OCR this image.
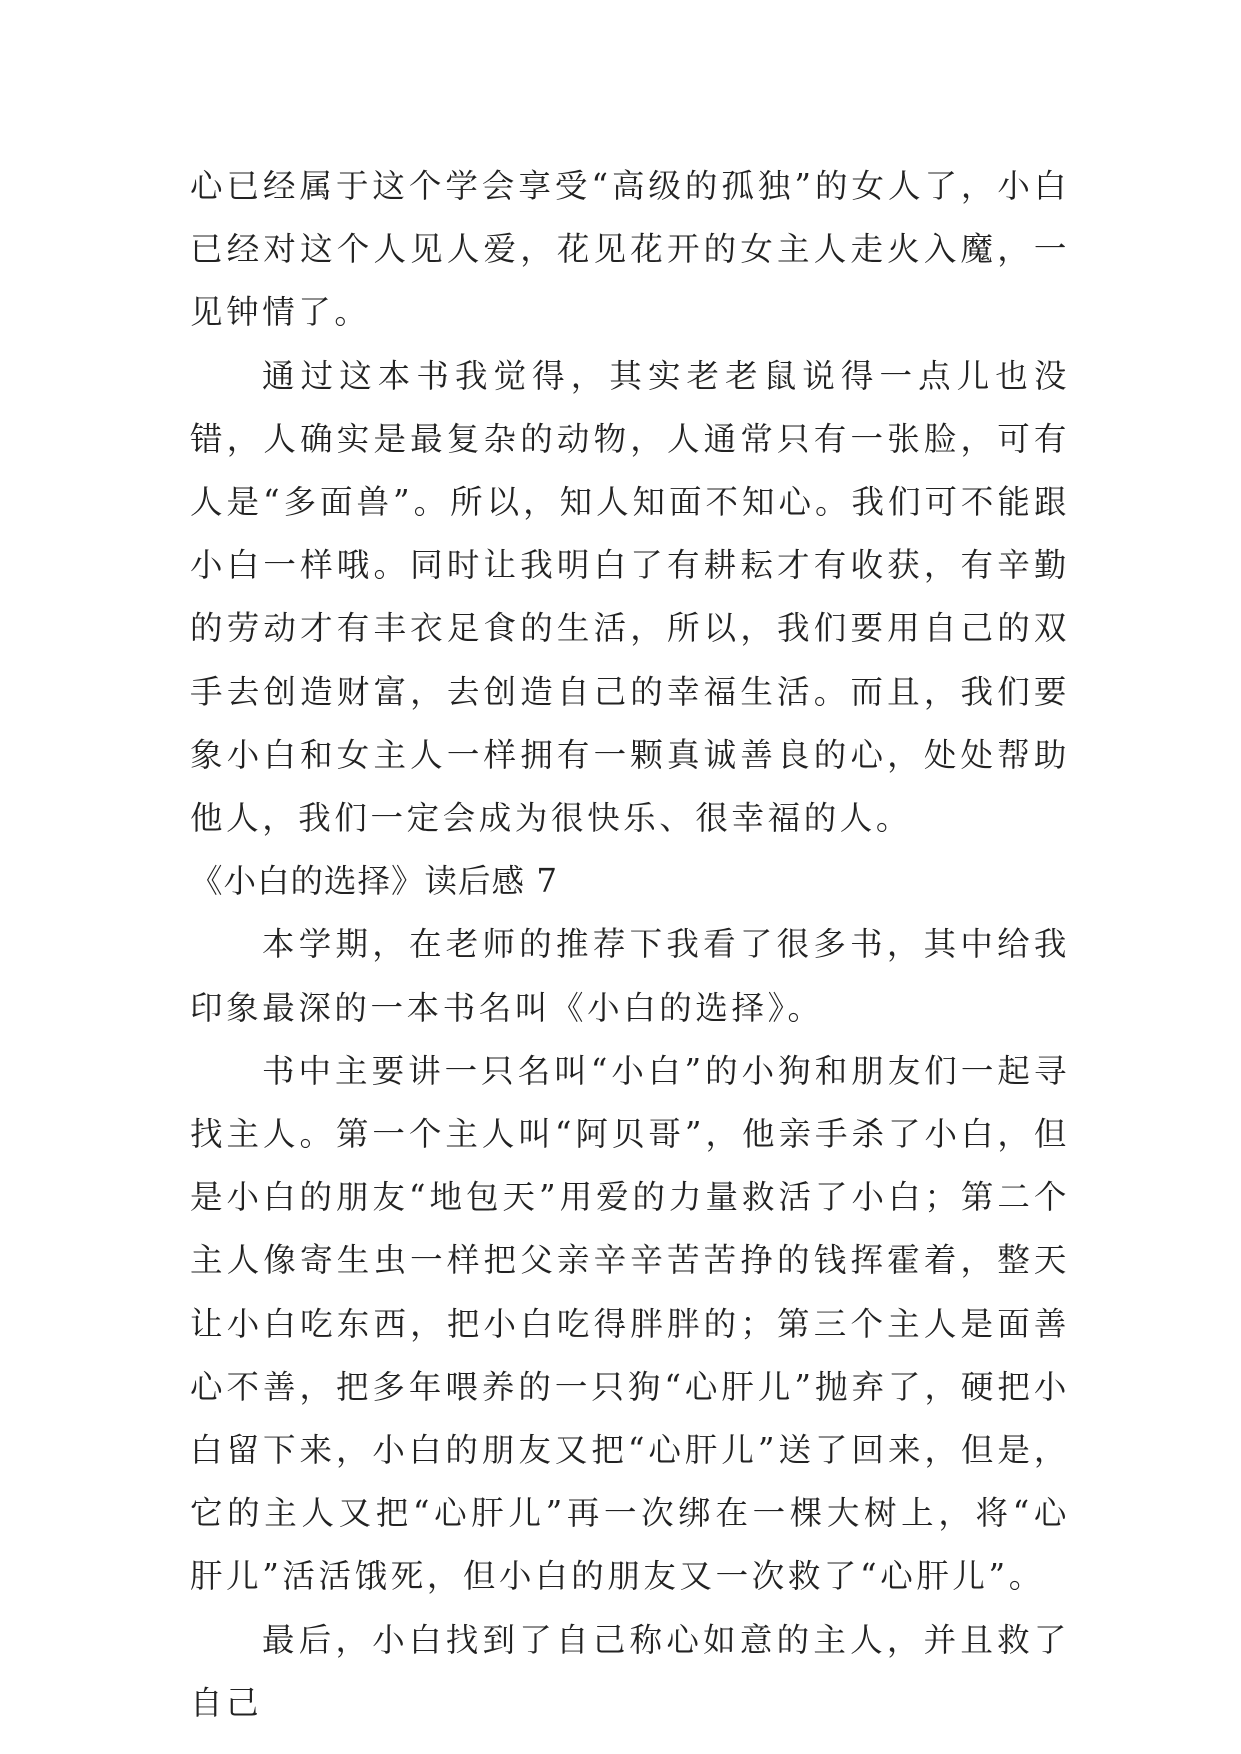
心已经属于这个学会享受“高级的孤独”的女人了，小白已经对这个人见人爱，花见花开的女主人走火入魔，一见钟情了。

通过这本书我觉得，其实老老鼠说得一点儿也没错，人确实是最复杂的动物，人通常只有一张脸，可有人是“多面兽”。所以，知人知面不知心。我们可不能跟小白一样哦。同时让我明白了有耕耘才有收获，有辛勤的劳动才有丰衣足食的生活，所以，我们要用自己的双手去创造财富，去创造自己的幸福生活。而且，我们要象小白和女主人一样拥有一颗真诚善良的心，处处帮助他人，我们一定会成为很快乐、很幸福的人。

《小白的选择》读后感 7

本学期，在老师的推荐下我看了很多书，其中给我印象最深的一本书名叫《小白的选择》。

书中主要讲一只名叫“小白”的小狗和朋友们一起寻找主人。第一个主人叫“阿贝哥”，他亲手杀了小白，但是小白的朋友“地包天”用爱的力量救活了小白；第二个主人像寄生虫一样把父亲辛辛苦苦挣的钱挥霍着，整天让小白吃东西，把小白吃得胖胖的；第三个主人是面善心不善，把多年喂养的一只狗“心肝儿”抛弃了，硬把小白留下来，小白的朋友又把“心肝儿”送了回来，但是，它的主人又把“心肝儿”再一次绑在一棵大树上，将“心肝儿”活活饿死，但小白的朋友又一次救了“心肝儿”。

最后，小白找到了自己称心如意的主人，并且救了自己
